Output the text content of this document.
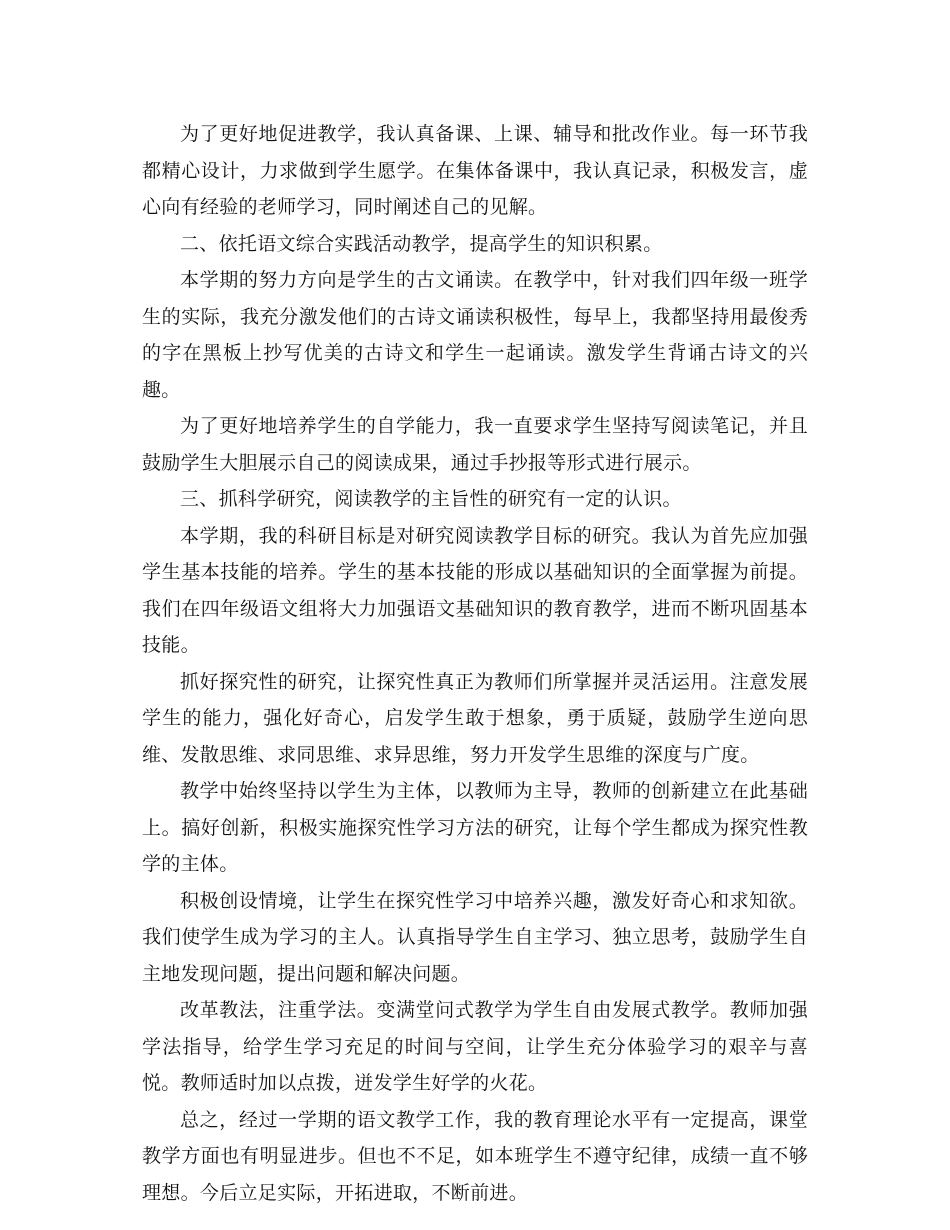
为了更好地促进教学，我认真备课、上课、辅导和批改作业。每一环节我都精心设计，力求做到学生愿学。在集体备课中，我认真记录，积极发言，虚心向有经验的老师学习，同时阐述自己的见解。

二、依托语文综合实践活动教学，提高学生的知识积累。

本学期的努力方向是学生的古文诵读。在教学中，针对我们四年级一班学生的实际，我充分激发他们的古诗文诵读积极性，每早上，我都坚持用最俊秀的字在黑板上抄写优美的古诗文和学生一起诵读。激发学生背诵古诗文的兴趣。

为了更好地培养学生的自学能力，我一直要求学生坚持写阅读笔记，并且鼓励学生大胆展示自己的阅读成果，通过手抄报等形式进行展示。

三、抓科学研究，阅读教学的主旨性的研究有一定的认识。

本学期，我的科研目标是对研究阅读教学目标的研究。我认为首先应加强学生基本技能的培养。学生的基本技能的形成以基础知识的全面掌握为前提。我们在四年级语文组将大力加强语文基础知识的教育教学，进而不断巩固基本技能。

抓好探究性的研究，让探究性真正为教师们所掌握并灵活运用。注意发展学生的能力，强化好奇心，启发学生敢于想象，勇于质疑，鼓励学生逆向思维、发散思维、求同思维、求异思维，努力开发学生思维的深度与广度。

教学中始终坚持以学生为主体，以教师为主导，教师的创新建立在此基础上。搞好创新，积极实施探究性学习方法的研究，让每个学生都成为探究性教学的主体。

积极创设情境，让学生在探究性学习中培养兴趣，激发好奇心和求知欲。我们使学生成为学习的主人。认真指导学生自主学习、独立思考，鼓励学生自主地发现问题，提出问题和解决问题。

改革教法，注重学法。变满堂问式教学为学生自由发展式教学。教师加强学法指导，给学生学习充足的时间与空间，让学生充分体验学习的艰辛与喜悦。教师适时加以点拨，迸发学生好学的火花。

总之，经过一学期的语文教学工作，我的教育理论水平有一定提高，课堂教学方面也有明显进步。但也不不足，如本班学生不遵守纪律，成绩一直不够理想。今后立足实际，开拓进取，不断前进。
